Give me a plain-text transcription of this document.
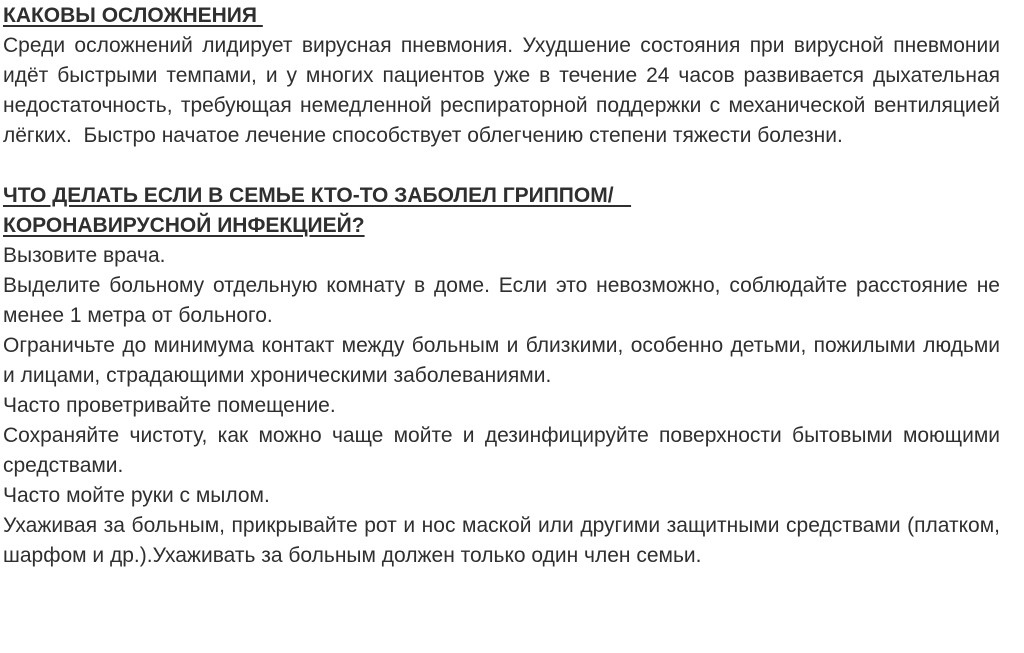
КАКОВЫ ОСЛОЖНЕНИЯ

Среди осложнений лидирует вирусная пневмония. Ухудшение состояния при вирусной пневмонии идёт быстрыми темпами, и у многих пациентов уже в течение 24 часов развивается дыхательная недостаточность, требующая немедленной респираторной поддержки с механической вентиляцией лёгких.  Быстро начатое лечение способствует облегчению степени тяжести болезни.

ЧТО ДЕЛАТЬ ЕСЛИ В СЕМЬЕ КТО-ТО ЗАБОЛЕЛ ГРИППОМ/
КОРОНАВИРУСНОЙ ИНФЕКЦИЕЙ?

Вызовите врача.

Выделите больному отдельную комнату в доме. Если это невозможно, соблюдайте расстояние не менее 1 метра от больного.

Ограничьте до минимума контакт между больным и близкими, особенно детьми, пожилыми людьми и лицами, страдающими хроническими заболеваниями.

Часто проветривайте помещение.

Сохраняйте чистоту, как можно чаще мойте и дезинфицируйте поверхности бытовыми моющими средствами.

Часто мойте руки с мылом.

Ухаживая за больным, прикрывайте рот и нос маской или другими защитными средствами (платком, шарфом и др.).Ухаживать за больным должен только один член семьи.
